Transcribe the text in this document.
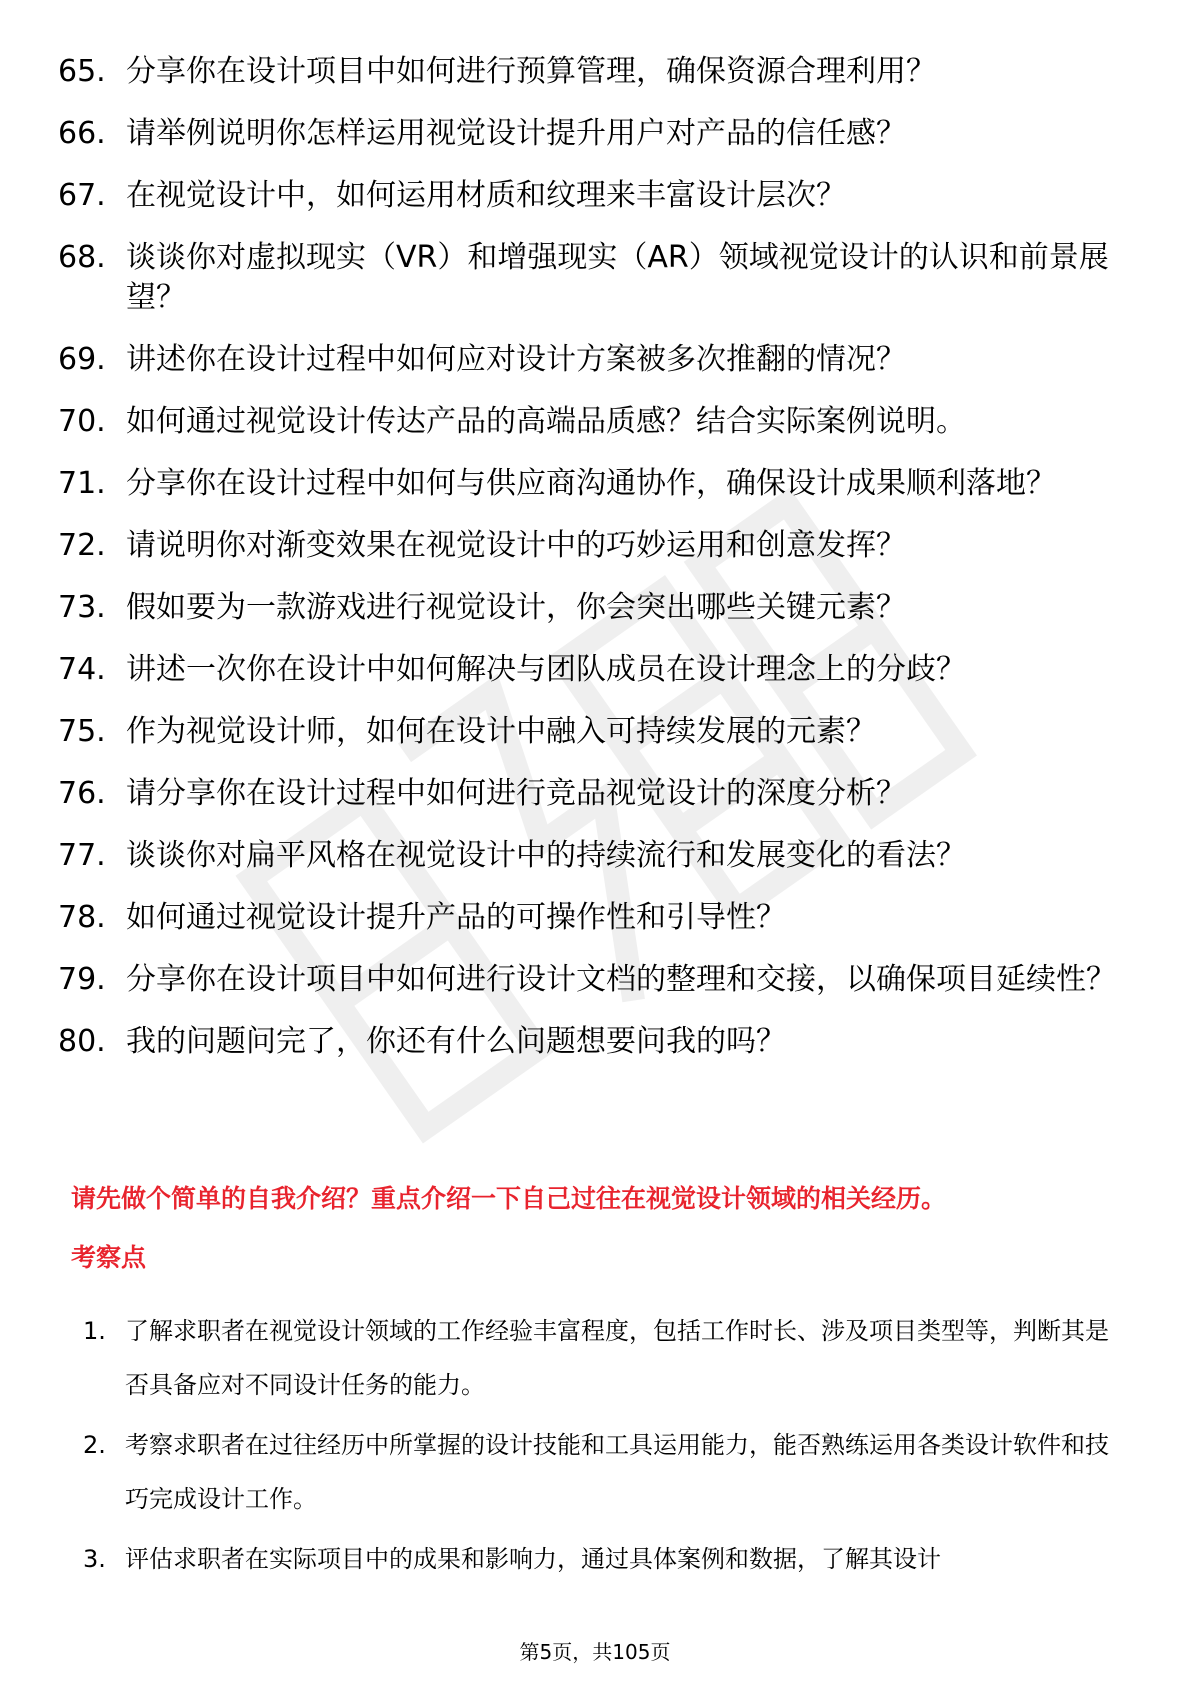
65. 分享你在设计项目中如何进行预算管理，确保资源合理利用？
66. 请举例说明你怎样运用视觉设计提升用户对产品的信任感？
67. 在视觉设计中，如何运用材质和纹理来丰富设计层次？
68. 谈谈你对虚拟现实（VR）和增强现实（AR）领域视觉设计的认识和前景展望？
69. 讲述你在设计过程中如何应对设计方案被多次推翻的情况？
70. 如何通过视觉设计传达产品的高端品质感？结合实际案例说明。
71. 分享你在设计过程中如何与供应商沟通协作，确保设计成果顺利落地？
72. 请说明你对渐变效果在视觉设计中的巧妙运用和创意发挥？
73. 假如要为一款游戏进行视觉设计，你会突出哪些关键元素？
74. 讲述一次你在设计中如何解决与团队成员在设计理念上的分歧？
75. 作为视觉设计师，如何在设计中融入可持续发展的元素？
76. 请分享你在设计过程中如何进行竞品视觉设计的深度分析？
77. 谈谈你对扁平风格在视觉设计中的持续流行和发展变化的看法？
78. 如何通过视觉设计提升产品的可操作性和引导性？
79. 分享你在设计项目中如何进行设计文档的整理和交接，以确保项目延续性？
80. 我的问题问完了，你还有什么问题想要问我的吗？
请先做个简单的自我介绍？重点介绍一下自己过往在视觉设计领域的相关经历。
考察点
1. 了解求职者在视觉设计领域的工作经验丰富程度，包括工作时长、涉及项目类型等，判断其是否具备应对不同设计任务的能力。
2. 考察求职者在过往经历中所掌握的设计技能和工具运用能力，能否熟练运用各类设计软件和技巧完成设计工作。
3. 评估求职者在实际项目中的成果和影响力，通过具体案例和数据，了解其设计
第5页，共105页
